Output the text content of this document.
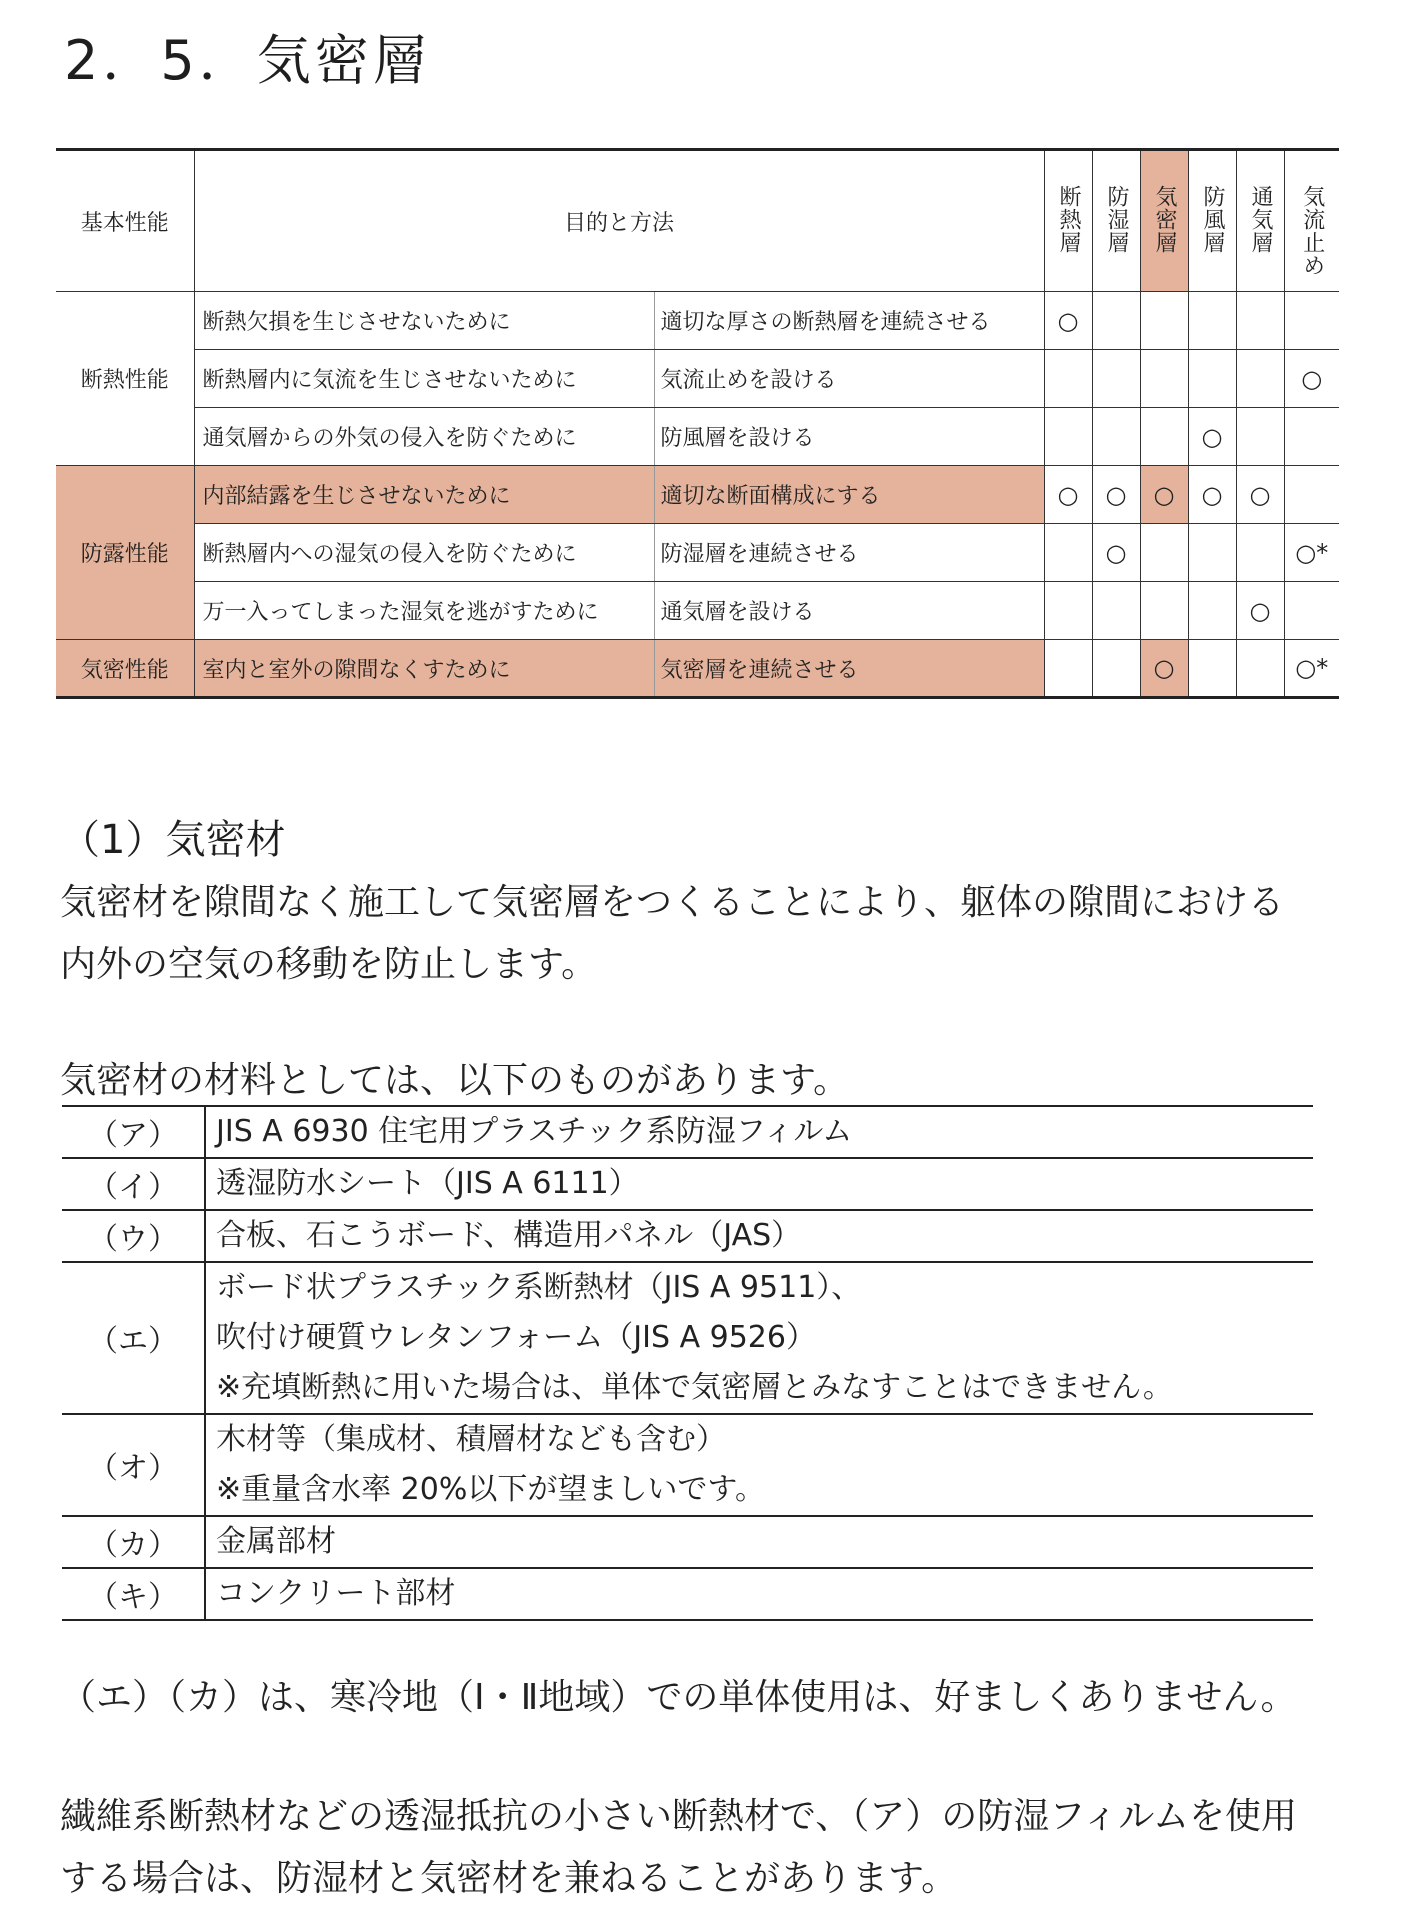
2．5．気密層
基本性能	目的と方法		断熱層	防湿層	気密層	防風層	通気層	気流止め

断熱性能	断熱欠損を生じさせないために	適切な厚さの断熱層を連続させる	○					
	断熱層内に気流を生じさせないために	気流止めを設ける						○
	通気層からの外気の侵入を防ぐために	防風層を設ける				○		
防露性能	内部結露を生じさせないために	適切な断面構成にする	○	○	○	○	○	
	断熱層内への湿気の侵入を防ぐために	防湿層を連続させる		○				○*
	万一入ってしまった湿気を逃がすために	通気層を設ける					○	
気密性能	室内と室外の隙間なくすために	気密層を連続させる			○			○*
（1）気密材

気密材を隙間なく施工して気密層をつくることにより、躯体の隙間における
内外の空気の移動を防止します。

気密材の材料としては、以下のものがあります。

（ア）	JIS A 6930 住宅用プラスチック系防湿フィルム
（イ）	透湿防水シート（JIS A 6111）
（ウ）	合板、石こうボード、構造用パネル（JAS）
（エ）	ボード状プラスチック系断熱材（JIS A 9511）、
吹付け硬質ウレタンフォーム（JIS A 9526）
※充填断熱に用いた場合は、単体で気密層とみなすことはできません。

（オ）	木材等（集成材、積層材なども含む）
※重量含水率 20%以下が望ましいです。

（カ）	金属部材
（キ）	コンクリート部材

（エ）（カ）は、寒冷地（Ⅰ・Ⅱ地域）での単体使用は、好ましくありません。

繊維系断熱材などの透湿抵抗の小さい断熱材で、（ア）の防湿フィルムを使用
する場合は、防湿材と気密材を兼ねることがあります。
